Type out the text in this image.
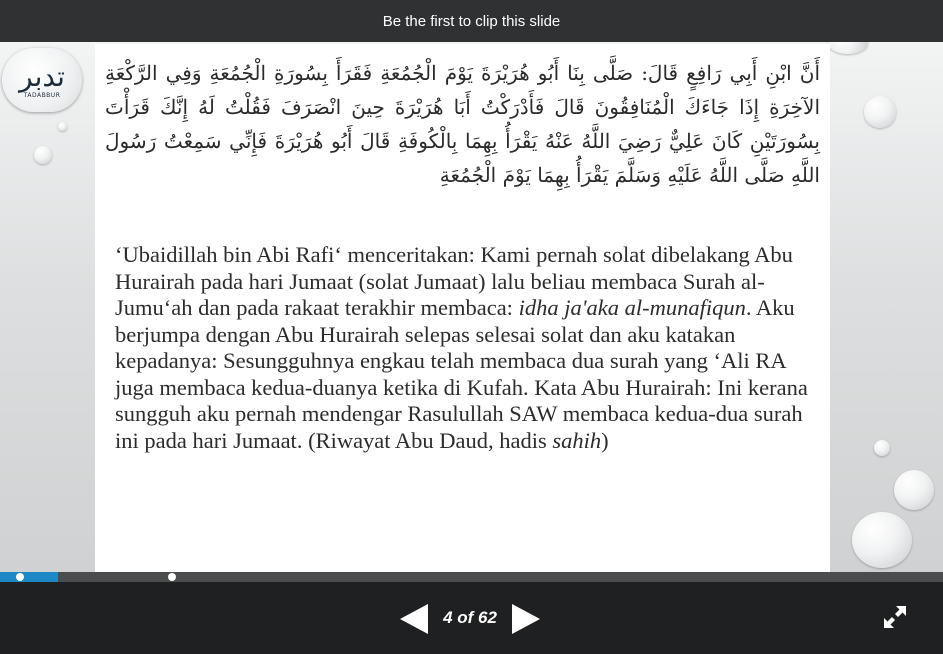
Be the first to clip this slide
تدبر
TADABBUR
أَنَّ ابْنِ أَبِي رَافِعٍ قَالَ: صَلَّى بِنَا أَبُو هُرَيْرَةَ يَوْمَ الْجُمُعَةِ فَقَرَأَ بِسُورَةِ الْجُمُعَةِ وَفِي الرَّكْعَةِ الآخِرَةِ إِذَا جَاءَكَ الْمُنَافِقُونَ قَالَ فَأَدْرَكْتُ أَبَا هُرَيْرَةَ حِينَ انْصَرَفَ فَقُلْتُ لَهُ إِنَّكَ قَرَأْتَ بِسُورَتَيْنِ كَانَ عَلِيٌّ رَضِيَ اللَّهُ عَنْهُ يَقْرَأُ بِهِمَا بِالْكُوفَةِ قَالَ أَبُو هُرَيْرَةَ فَإِنِّي سَمِعْتُ رَسُولَ اللَّهِ صَلَّى اللَّهُ عَلَيْهِ وَسَلَّمَ يَقْرَأُ بِهِمَا يَوْمَ الْجُمُعَةِ
‘Ubaidillah bin Abi Rafi‘ menceritakan: Kami pernah solat dibelakang Abu Hurairah pada hari Jumaat (solat Jumaat) lalu beliau membaca Surah al-Jumu‘ah dan pada rakaat terakhir membaca: idha ja'aka al-munafiqun. Aku berjumpa dengan Abu Hurairah selepas selesai solat dan aku katakan kepadanya: Sesungguhnya engkau telah membaca dua surah yang ‘Ali RA juga membaca kedua-duanya ketika di Kufah. Kata Abu Hurairah: Ini kerana sungguh aku pernah mendengar Rasulullah SAW membaca kedua-dua surah ini pada hari Jumaat. (Riwayat Abu Daud, hadis sahih)
4 of 62
